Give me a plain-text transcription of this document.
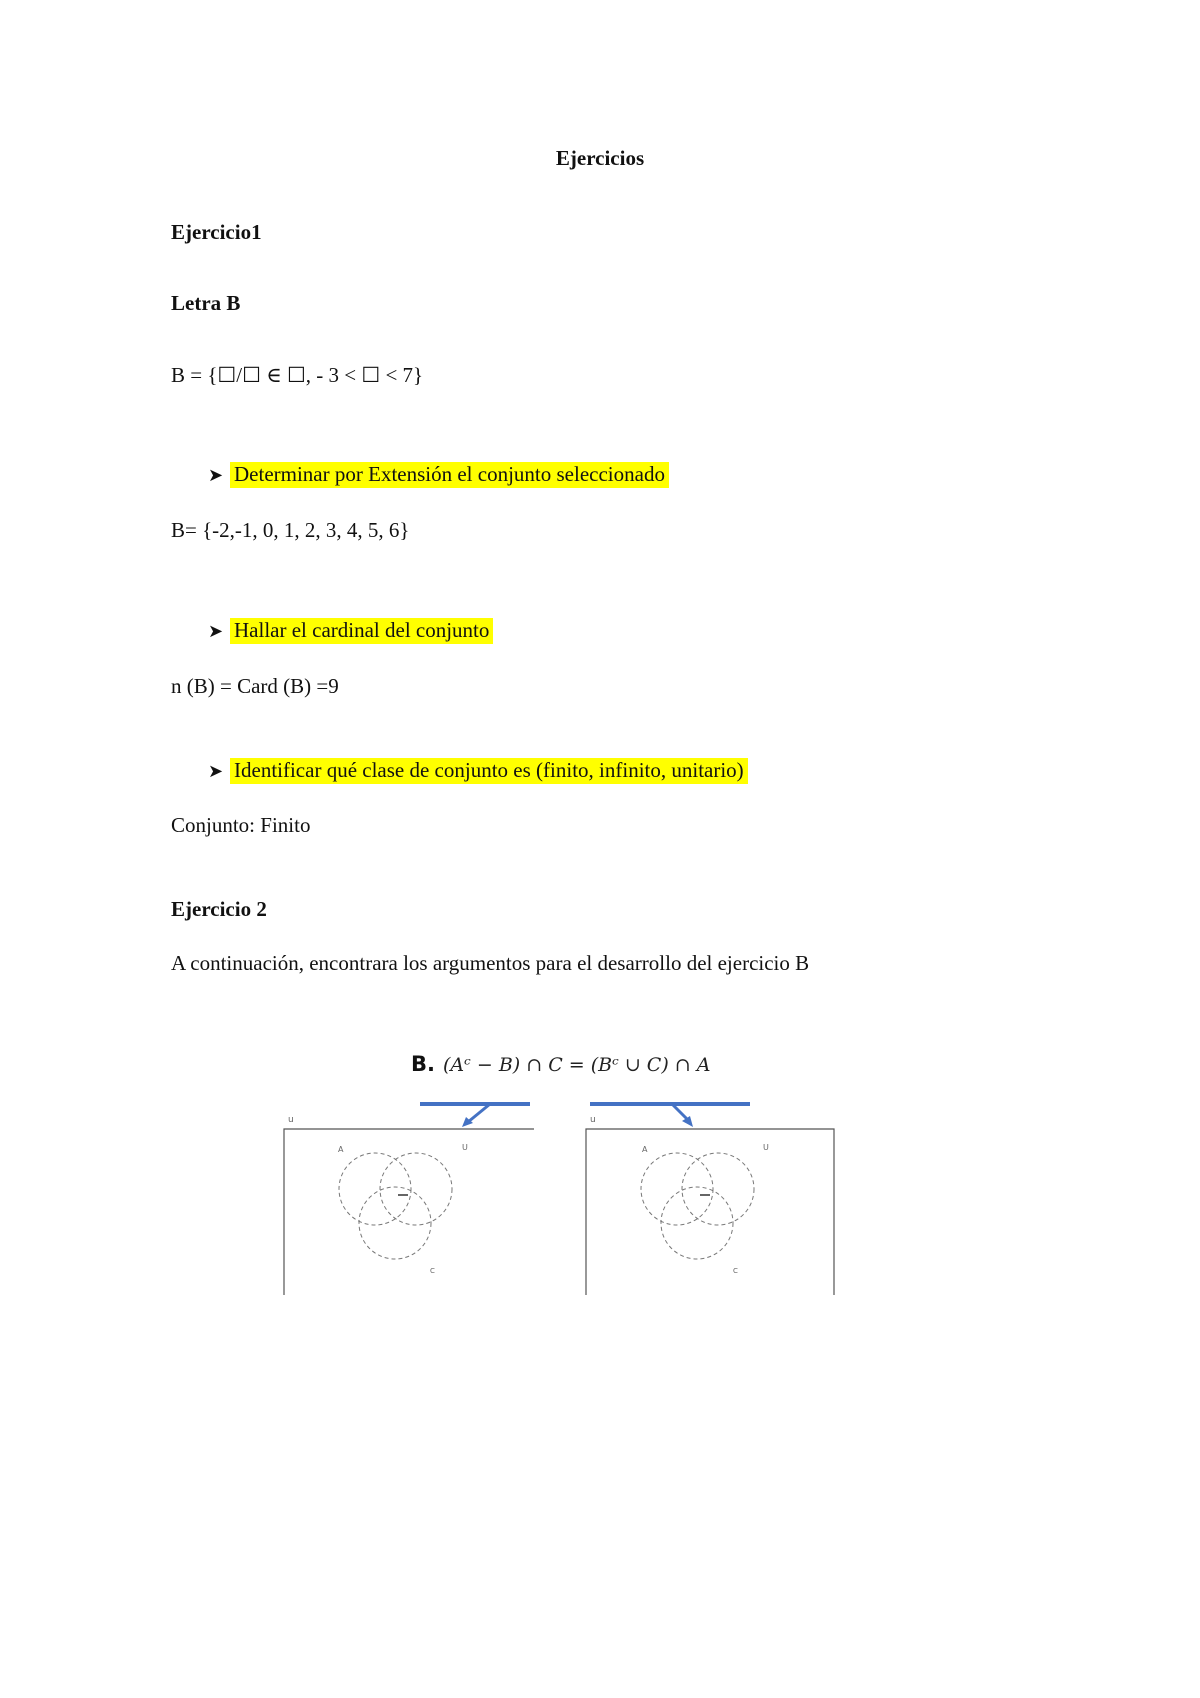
Ejercicios
Ejercicio1
Letra B
B = {☐/☐ ∈ ☐, - 3 < ☐ < 7}
➤ Determinar por Extensión el conjunto seleccionado
B= {-2,-1, 0, 1, 2, 3, 4, 5, 6}
➤ Hallar el cardinal del conjunto
n (B) = Card (B) =9
➤ Identificar qué clase de conjunto es (finito, infinito, unitario)
Conjunto: Finito
Ejercicio 2
A continuación, encontrara los argumentos para el desarrollo del ejercicio B
B. (Aᶜ − B) ∩ C = (Bᶜ ∪ C) ∩ A
u
A	U
C
u
A	U
C
